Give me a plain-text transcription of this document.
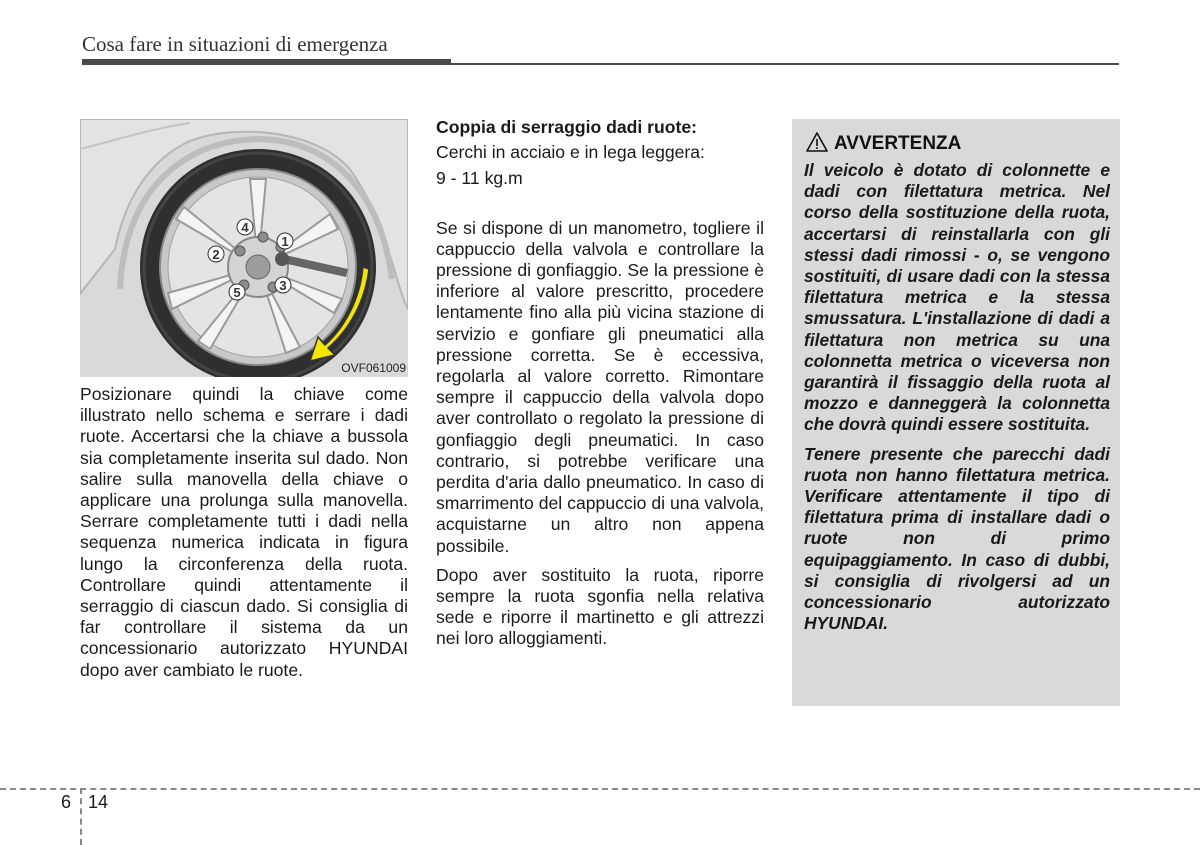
Cosa fare in situazioni di emergenza
1
2
3
4
5
OVF061009

Posizionare quindi la chiave come illustrato nello schema e serrare i dadi ruote. Accertarsi che la chiave a bussola sia completamente inserita sul dado. Non salire sulla manovella della chiave o applicare una prolunga sulla manovella. Serrare completamente tutti i dadi nella sequenza numerica indicata in figura lungo la circonferenza della ruota. Controllare quindi attentamente il serraggio di ciascun dado. Si consiglia di far controllare il sistema da un concessionario autorizzato HYUNDAI dopo aver cambiato le ruote.

Coppia di serraggio dadi ruote:

Cerchi in acciaio e in lega leggera:

9 - 11 kg.m

Se si dispone di un manometro, togliere il cappuccio della valvola e controllare la pressione di gonfiaggio. Se la pressione è inferiore al valore prescritto, procedere lentamente fino alla più vicina stazione di servizio e gonfiare gli pneumatici alla pressione corretta. Se è eccessiva, regolarla al valore corretto. Rimontare sempre il cappuccio della valvola dopo aver controllato o regolato la pressione di gonfiaggio degli pneumatici. In caso contrario, si potrebbe verificare una perdita d'aria dallo pneumatico. In caso di smarrimento del cappuccio di una valvola, acquistarne un altro non appena possibile.

Dopo aver sostituito la ruota, riporre sempre la ruota sgonfia nella relativa sede e riporre il martinetto e gli attrezzi nei loro alloggiamenti.

AVVERTENZA

Il veicolo è dotato di colonnette e dadi con filettatura metrica. Nel corso della sostituzione della ruota, accertarsi di reinstallarla con gli stessi dadi rimossi - o, se vengono sostituiti, di usare dadi con la stessa filettatura metrica e la stessa smussatura. L'installazione di dadi a filettatura non metrica su una colonnetta metrica o viceversa non garantirà il fissaggio della ruota al mozzo e danneggerà la colonnetta che dovrà quindi essere sostituita.

Tenere presente che parecchi dadi ruota non hanno filettatura metrica. Verificare attentamente il tipo di filettatura prima di installare dadi o ruote non di primo equipaggiamento. In caso di dubbi, si consiglia di rivolgersi ad un concessionario autorizzato HYUNDAI.

6 14
